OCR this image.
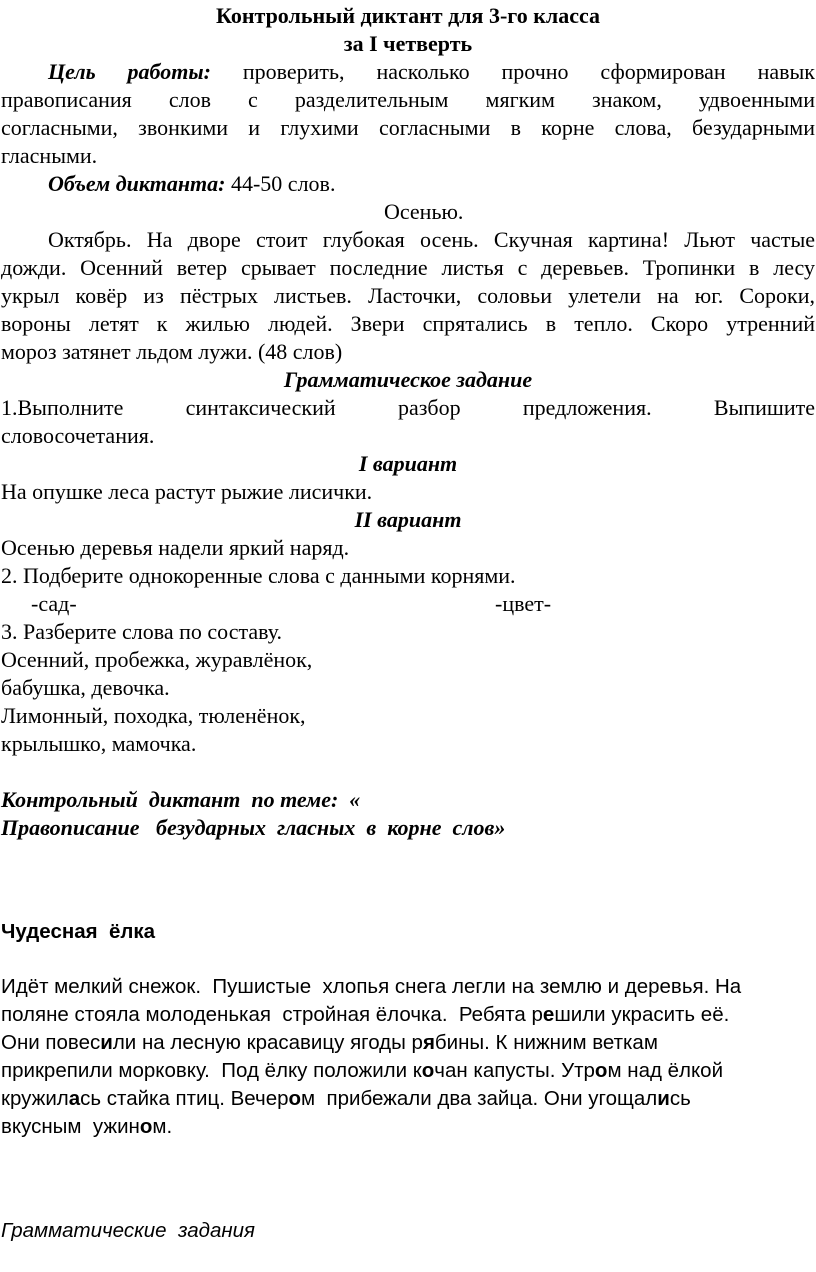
Контрольный диктант для 3-го класса
за I четверть
Цель работы: проверить, насколько прочно сформирован навык
правописания слов с разделительным мягким знаком, удвоенными
согласными, звонкими и глухими согласными в корне слова, безударными
гласными.
Объем диктанта: 44-50 слов.
Осенью.
Октябрь. На дворе стоит глубокая осень. Скучная картина! Льют частые
дожди. Осенний ветер срывает последние листья с деревьев. Тропинки в лесу
укрыл ковёр из пёстрых листьев. Ласточки, соловьи улетели на юг. Сороки,
вороны летят к жилью людей. Звери спрятались в тепло. Скоро утренний
мороз затянет льдом лужи. (48 слов)
Грамматическое задание
1.Выполните синтаксический разбор предложения. Выпишите
словосочетания.
I вариант
На опушке леса растут рыжие лисички.
II вариант
Осенью деревья надели яркий наряд.
2. Подберите однокоренные слова с данными корнями.
-сад-	-цвет-
3. Разберите слова по составу.
Осенний, пробежка, журавлёнок,
бабушка, девочка.
Лимонный, походка, тюленёнок,
крылышко, мамочка.
Контрольный  диктант  по теме:  «
Правописание   безударных  гласных  в  корне  слов»
Чудесная  ёлка
Идёт мелкий снежок.  Пушистые  хлопья снега легли на землю и деревья. На
поляне стояла молоденькая  стройная ёлочка.  Ребята решили украсить её.
Они повесили на лесную красавицу ягоды рябины. К нижним веткам
прикрепили морковку.  Под ёлку положили кочан капусты. Утром над ёлкой
кружилась стайка птиц. Вечером  прибежали два зайца. Они угощались
вкусным  ужином.
Грамматические  задания
